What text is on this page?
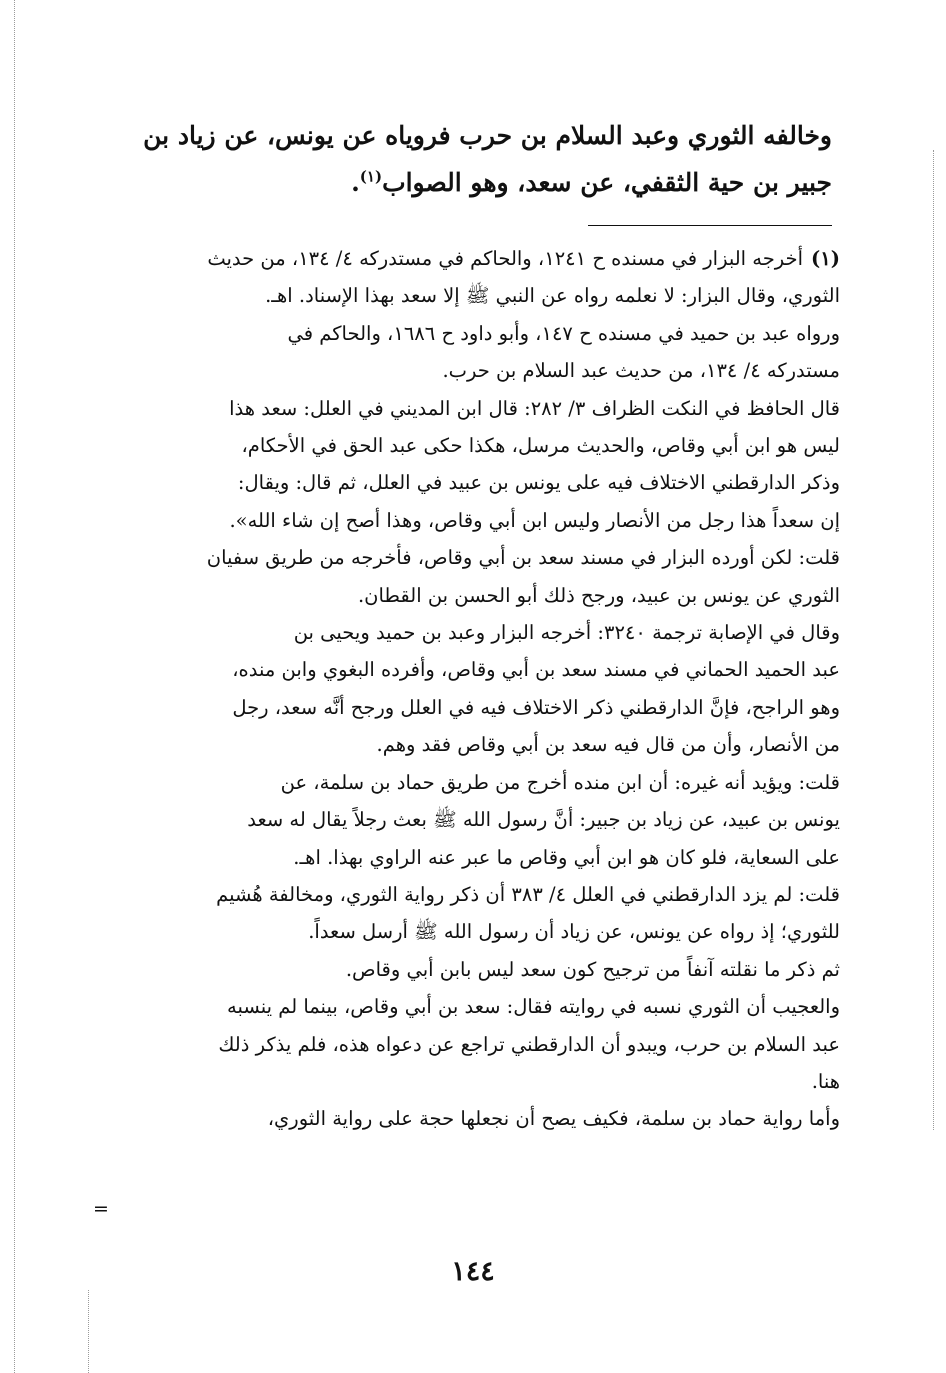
وخالفه الثوري وعبد السلام بن حرب فروياه عن يونس، عن زياد بن

جبير بن حية الثقفي، عن سعد، وهو الصواب$^{(١)}$.

(١)أخرجه البزار في مسنده ح ١٢٤١، والحاكم في مستدركه ٤/ ١٣٤، من حديث

الثوري، وقال البزار: لا نعلمه رواه عن النبي ﷺ إلا سعد بهذا الإسناد. اهـ.

ورواه عبد بن حميد في مسنده ح ١٤٧، وأبو داود ح ١٦٨٦، والحاكم في

مستدركه ٤/ ١٣٤، من حديث عبد السلام بن حرب.

قال الحافظ في النكت الظراف ٣/ ٢٨٢: قال ابن المديني في العلل: سعد هذا

ليس هو ابن أبي وقاص، والحديث مرسل، هكذا حكى عبد الحق في الأحكام،

وذكر الدارقطني الاختلاف فيه على يونس بن عبيد في العلل، ثم قال: ويقال:

إن سعداً هذا رجل من الأنصار وليس ابن أبي وقاص، وهذا أصح إن شاء الله».

قلت: لكن أورده البزار في مسند سعد بن أبي وقاص، فأخرجه من طريق سفيان

الثوري عن يونس بن عبيد، ورجح ذلك أبو الحسن بن القطان.

وقال في الإصابة ترجمة ٣٢٤٠: أخرجه البزار وعبد بن حميد ويحيى بن

عبد الحميد الحماني في مسند سعد بن أبي وقاص، وأفرده البغوي وابن منده،

وهو الراجح، فإنَّ الدارقطني ذكر الاختلاف فيه في العلل ورجح أنَّه سعد، رجل

من الأنصار، وأن من قال فيه سعد بن أبي وقاص فقد وهم.

قلت: ويؤيد أنه غيره: أن ابن منده أخرج من طريق حماد بن سلمة، عن

يونس بن عبيد، عن زياد بن جبير: أنَّ رسول الله ﷺ بعث رجلاً يقال له سعد

على السعاية، فلو كان هو ابن أبي وقاص ما عبر عنه الراوي بهذا. اهـ.

قلت: لم يزد الدارقطني في العلل ٤/ ٣٨٣ أن ذكر رواية الثوري، ومخالفة هُشيم

للثوري؛ إذ رواه عن يونس، عن زياد أن رسول الله ﷺ أرسل سعداً.

ثم ذكر ما نقلته آنفاً من ترجيح كون سعد ليس بابن أبي وقاص.

والعجيب أن الثوري نسبه في روايته فقال: سعد بن أبي وقاص، بينما لم ينسبه

عبد السلام بن حرب، ويبدو أن الدارقطني تراجع عن دعواه هذه، فلم يذكر ذلك

هنا.

وأما رواية حماد بن سلمة، فكيف يصح أن نجعلها حجة على رواية الثوري،

=
١٤٤
